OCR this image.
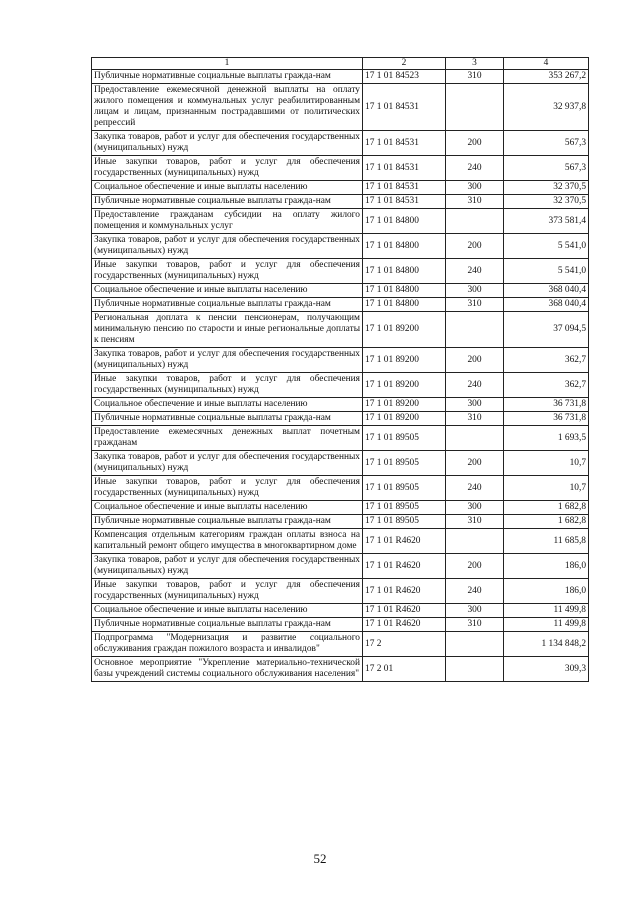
1	2	3	4
Публичные нормативные социальные выплаты гражда-нам	17 1 01 84523	310	353 267,2
Предоставление ежемесячной денежной выплаты на оплату жилого помещения и коммунальных услуг реабилитированным лицам и лицам, признанным пострадавшими от политических репрессий	17 1 01 84531		32 937,8
Закупка товаров, работ и услуг для обеспечения государственных (муниципальных) нужд	17 1 01 84531	200	567,3
Иные закупки товаров, работ и услуг для обеспечения государственных (муниципальных) нужд	17 1 01 84531	240	567,3
Социальное обеспечение и иные выплаты населению	17 1 01 84531	300	32 370,5
Публичные нормативные социальные выплаты гражда-нам	17 1 01 84531	310	32 370,5
Предоставление гражданам субсидии на оплату жилого помещения и коммунальных услуг	17 1 01 84800		373 581,4
Закупка товаров, работ и услуг для обеспечения государственных (муниципальных) нужд	17 1 01 84800	200	5 541,0
Иные закупки товаров, работ и услуг для обеспечения государственных (муниципальных) нужд	17 1 01 84800	240	5 541,0
Социальное обеспечение и иные выплаты населению	17 1 01 84800	300	368 040,4
Публичные нормативные социальные выплаты гражда-нам	17 1 01 84800	310	368 040,4
Региональная доплата к пенсии пенсионерам, получающим минимальную пенсию по старости и иные региональные доплаты к пенсиям	17 1 01 89200		37 094,5
Закупка товаров, работ и услуг для обеспечения государственных (муниципальных) нужд	17 1 01 89200	200	362,7
Иные закупки товаров, работ и услуг для обеспечения государственных (муниципальных) нужд	17 1 01 89200	240	362,7
Социальное обеспечение и иные выплаты населению	17 1 01 89200	300	36 731,8
Публичные нормативные социальные выплаты гражда-нам	17 1 01 89200	310	36 731,8
Предоставление ежемесячных денежных выплат почетным гражданам	17 1 01 89505		1 693,5
Закупка товаров, работ и услуг для обеспечения государственных (муниципальных) нужд	17 1 01 89505	200	10,7
Иные закупки товаров, работ и услуг для обеспечения государственных (муниципальных) нужд	17 1 01 89505	240	10,7
Социальное обеспечение и иные выплаты населению	17 1 01 89505	300	1 682,8
Публичные нормативные социальные выплаты гражда-нам	17 1 01 89505	310	1 682,8
Компенсация отдельным категориям граждан оплаты взноса на капитальный ремонт общего имущества в многоквартирном доме	17 1 01 R4620		11 685,8
Закупка товаров, работ и услуг для обеспечения государственных (муниципальных) нужд	17 1 01 R4620	200	186,0
Иные закупки товаров, работ и услуг для обеспечения государственных (муниципальных) нужд	17 1 01 R4620	240	186,0
Социальное обеспечение и иные выплаты населению	17 1 01 R4620	300	11 499,8
Публичные нормативные социальные выплаты гражда-нам	17 1 01 R4620	310	11 499,8
Подпрограмма "Модернизация и развитие социального обслуживания граждан пожилого возраста и инвалидов"	17 2		1 134 848,2
Основное мероприятие "Укрепление материально-технической базы учреждений системы социального обслуживания населения"	17 2 01		309,3
52
